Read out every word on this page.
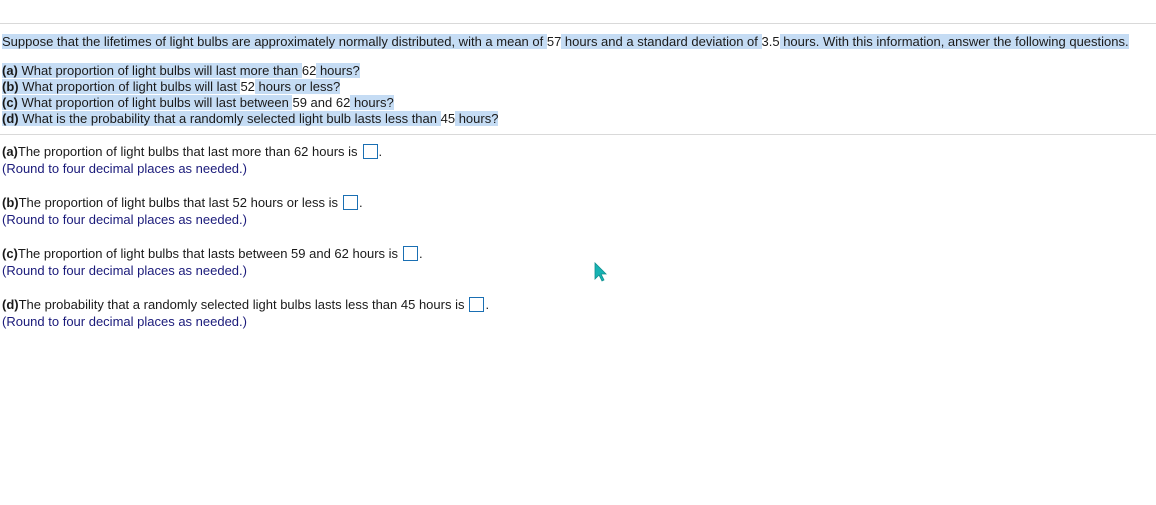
Suppose that the lifetimes of light bulbs are approximately normally distributed, with a mean of 57 hours and a standard deviation of 3.5 hours. With this information, answer the following questions.
(a) What proportion of light bulbs will last more than 62 hours?
(b) What proportion of light bulbs will last 52 hours or less?
(c) What proportion of light bulbs will last between 59 and 62 hours?
(d) What is the probability that a randomly selected light bulb lasts less than 45 hours?
(a) The proportion of light bulbs that last more than 62 hours is .
(Round to four decimal places as needed.)
(b) The proportion of light bulbs that last 52 hours or less is .
(Round to four decimal places as needed.)
(c) The proportion of light bulbs that lasts between 59 and 62 hours is .
(Round to four decimal places as needed.)
(d) The probability that a randomly selected light bulbs lasts less than 45 hours is .
(Round to four decimal places as needed.)
